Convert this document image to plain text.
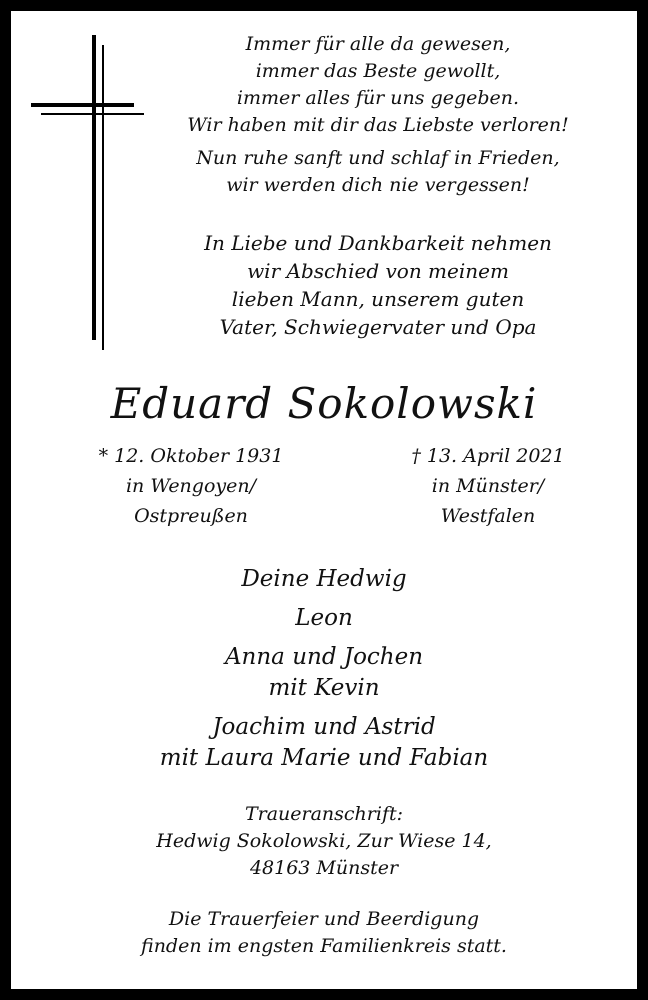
Immer für alle da gewesen,
immer das Beste gewollt,
immer alles für uns gegeben.
Wir haben mit dir das Liebste verloren!
Nun ruhe sanft und schlaf in Frieden,
wir werden dich nie vergessen!
In Liebe und Dankbarkeit nehmen
wir Abschied von meinem
lieben Mann, unserem guten
Vater, Schwiegervater und Opa
Eduard Sokolowski
* 12. Oktober 1931
in Wengoyen/
Ostpreußen
† 13. April 2021
in Münster/
Westfalen
Deine Hedwig
Leon
Anna und Jochen
mit Kevin
Joachim und Astrid
mit Laura Marie und Fabian
Traueranschrift:
Hedwig Sokolowski, Zur Wiese 14,
48163 Münster
Die Trauerfeier und Beerdigung
finden im engsten Familienkreis statt.
